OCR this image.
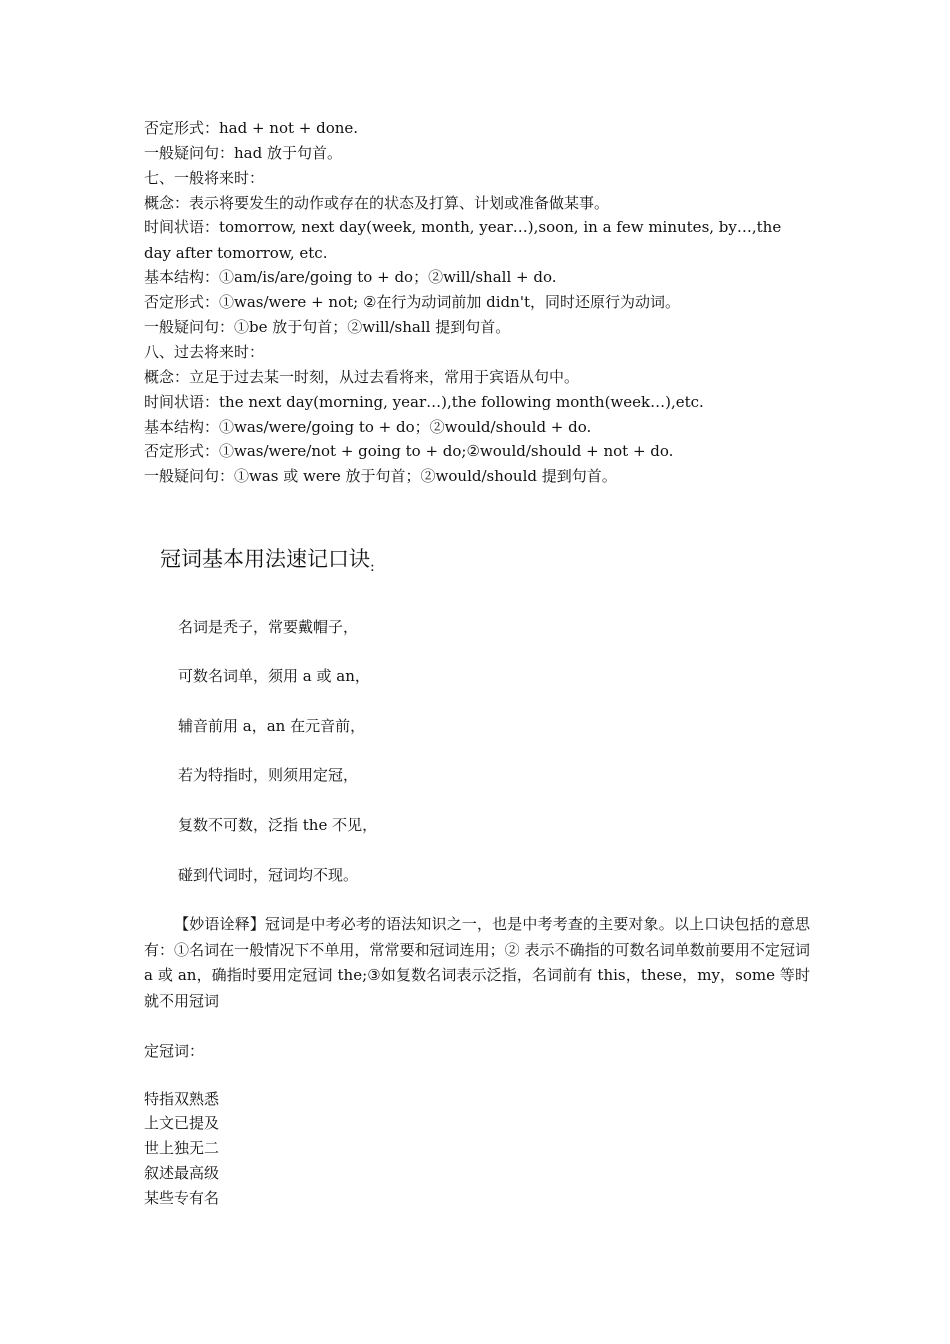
否定形式：had + not + done.
一般疑问句：had 放于句首。
七、一般将来时：
概念：表示将要发生的动作或存在的状态及打算、计划或准备做某事。
时间状语：tomorrow, next day(week, month, year…),soon, in a few minutes, by…,the day after tomorrow, etc.
基本结构：①am/is/are/going to + do；②will/shall + do.
否定形式：①was/were + not; ②在行为动词前加 didn't，同时还原行为动词。
一般疑问句：①be 放于句首；②will/shall 提到句首。
八、过去将来时：
概念：立足于过去某一时刻，从过去看将来，常用于宾语从句中。
时间状语：the next day(morning, year…),the following month(week…),etc.
基本结构：①was/were/going to + do；②would/should + do.
否定形式：①was/were/not + going to + do;②would/should + not + do.
一般疑问句：①was 或 were 放于句首；②would/should 提到句首。
冠词基本用法速记口诀$_:$
名词是秃子，常要戴帽子，
可数名词单，须用 a 或 an，
辅音前用 a，an 在元音前，
若为特指时，则须用定冠，
复数不可数，泛指 the 不见，
碰到代词时，冠词均不现。
【妙语诠释】冠词是中考必考的语法知识之一，也是中考考查的主要对象。以上口诀包括的意思有：①名词在一般情况下不单用，常常要和冠词连用；② 表示不确指的可数名词单数前要用不定冠词 a 或 an，确指时要用定冠词 the;③如复数名词表示泛指，名词前有 this，these，my，some 等时就不用冠词
定冠词：
特指双熟悉
上文已提及
世上独无二
叙述最高级
某些专有名
